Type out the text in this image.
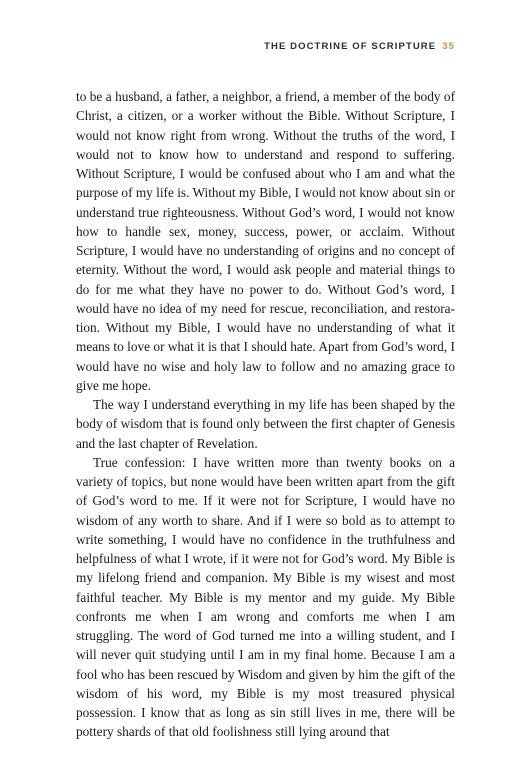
THE DOCTRINE OF SCRIPTURE 35

to be a husband, a father, a neighbor, a friend, a member of the body of Christ, a citizen, or a worker without the Bible. Without Scripture, I would not know right from wrong. Without the truths of the word, I would not to know how to understand and respond to suffering. Without Scripture, I would be confused about who I am and what the purpose of my life is. Without my Bible, I would not know about sin or understand true righteousness. Without God’s word, I would not know how to handle sex, money, success, power, or acclaim. Without Scripture, I would have no understanding of origins and no concept of eternity. Without the word, I would ask people and material things to do for me what they have no power to do. Without God’s word, I would have no idea of my need for rescue, reconciliation, and restoration. Without my Bible, I would have no understanding of what it means to love or what it is that I should hate. Apart from God’s word, I would have no wise and holy law to follow and no amazing grace to give me hope.

The way I understand everything in my life has been shaped by the body of wisdom that is found only between the first chapter of Genesis and the last chapter of Revelation.

True confession: I have written more than twenty books on a variety of topics, but none would have been written apart from the gift of God’s word to me. If it were not for Scripture, I would have no wisdom of any worth to share. And if I were so bold as to attempt to write something, I would have no confidence in the truthfulness and helpfulness of what I wrote, if it were not for God’s word. My Bible is my lifelong friend and companion. My Bible is my wisest and most faithful teacher. My Bible is my mentor and my guide. My Bible confronts me when I am wrong and comforts me when I am struggling. The word of God turned me into a willing student, and I will never quit studying until I am in my final home. Because I am a fool who has been rescued by Wisdom and given by him the gift of the wisdom of his word, my Bible is my most treasured physical possession. I know that as long as sin still lives in me, there will be pottery shards of that old foolishness still lying around that
